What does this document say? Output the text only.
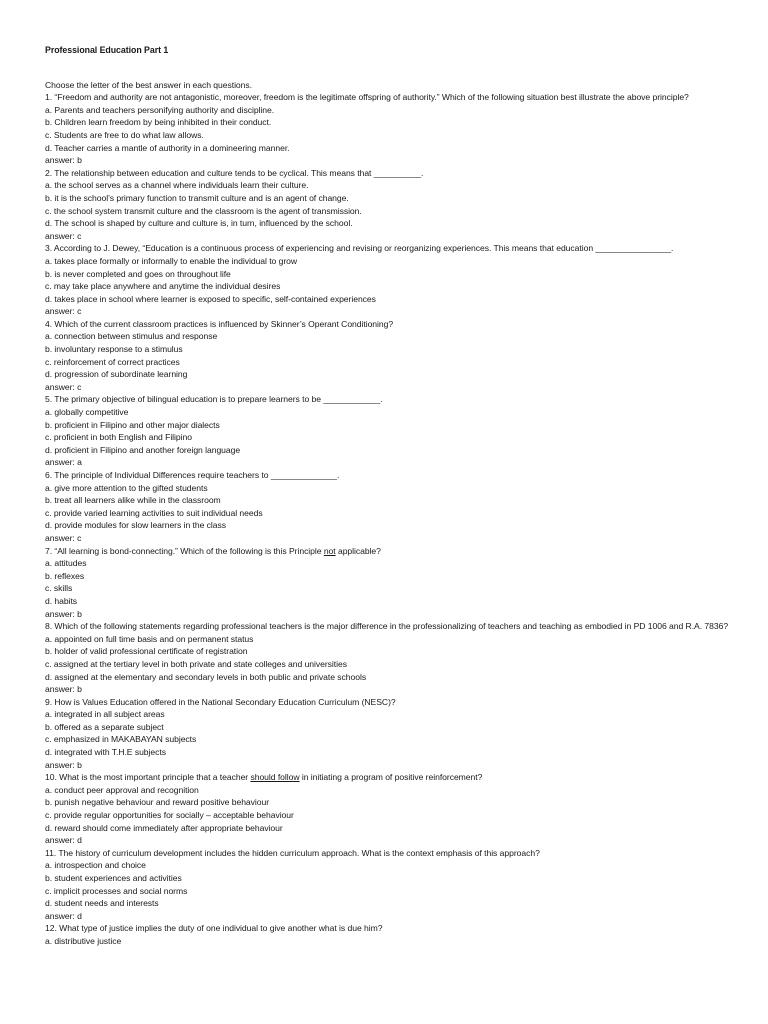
Professional Education Part 1
Choose the letter of the best answer in each questions.
1. “Freedom and authority are not antagonistic, moreover, freedom is the legitimate offspring of authority.” Which of the following situation best illustrate the above principle?
a. Parents and teachers personifying authority and discipline.
b. Children learn freedom by being inhibited in their conduct.
c. Students are free to do what law allows.
d. Teacher carries a mantle of authority in a domineering manner.
answer: b
2. The relationship between education and culture tends to be cyclical. This means that __________.
a. the school serves as a channel where individuals learn their culture.
b. it is the school’s primary function to transmit culture and is an agent of change.
c. the school system transmit culture and the classroom is the agent of transmission.
d. The school is shaped by culture and culture is, in turn, influenced by the school.
answer: c
3. According to J. Dewey, “Education is a continuous process of experiencing and revising or reorganizing experiences. This means that education ________________.
a. takes place formally or informally to enable the individual to grow
b. is never completed and goes on throughout life
c. may take place anywhere and anytime the individual desires
d. takes place in school where learner is exposed to specific, self-contained experiences
answer: c
4. Which of the current classroom practices is influenced by Skinner’s Operant Conditioning?
a. connection between stimulus and response
b. involuntary response to a stimulus
c. reinforcement of correct practices
d. progression of subordinate learning
answer: c
5. The primary objective of bilingual education is to prepare learners to be ____________.
a. globally competitive
b. proficient in Filipino and other major dialects
c. proficient in both English and Filipino
d. proficient in Filipino and another foreign language
answer: a
6. The principle of Individual Differences require teachers to ______________.
a. give more attention to the gifted students
b. treat all learners alike while in the classroom
c. provide varied learning activities to suit individual needs
d. provide modules for slow learners in the class
answer: c
7. “All learning is bond-connecting.” Which of the following is this Principle not applicable?
a. attitudes
b. reflexes
c. skills
d. habits
answer: b
8. Which of the following statements regarding professional teachers is the major difference in the professionalizing of teachers and teaching as embodied in PD 1006 and R.A. 7836?
a. appointed on full time basis and on permanent status
b. holder of valid professional certificate of registration
c. assigned at the tertiary level in both private and state colleges and universities
d. assigned at the elementary and secondary levels in both public and private schools
answer: b
9. How is Values Education offered in the National Secondary Education Curriculum (NESC)?
a. integrated in all subject areas
b. offered as a separate subject
c. emphasized in MAKABAYAN subjects
d. integrated with T.H.E subjects
answer: b
10. What is the most important principle that a teacher should follow in initiating a program of positive reinforcement?
a. conduct peer approval and recognition
b. punish negative behaviour and reward positive behaviour
c. provide regular opportunities for socially – acceptable behaviour
d. reward should come immediately after appropriate behaviour
answer: d
11. The history of curriculum development includes the hidden curriculum approach. What is the context emphasis of this approach?
a. introspection and choice
b. student experiences and activities
c. implicit processes and social norms
d. student needs and interests
answer: d
12. What type of justice implies the duty of one individual to give another what is due him?
a. distributive justice
